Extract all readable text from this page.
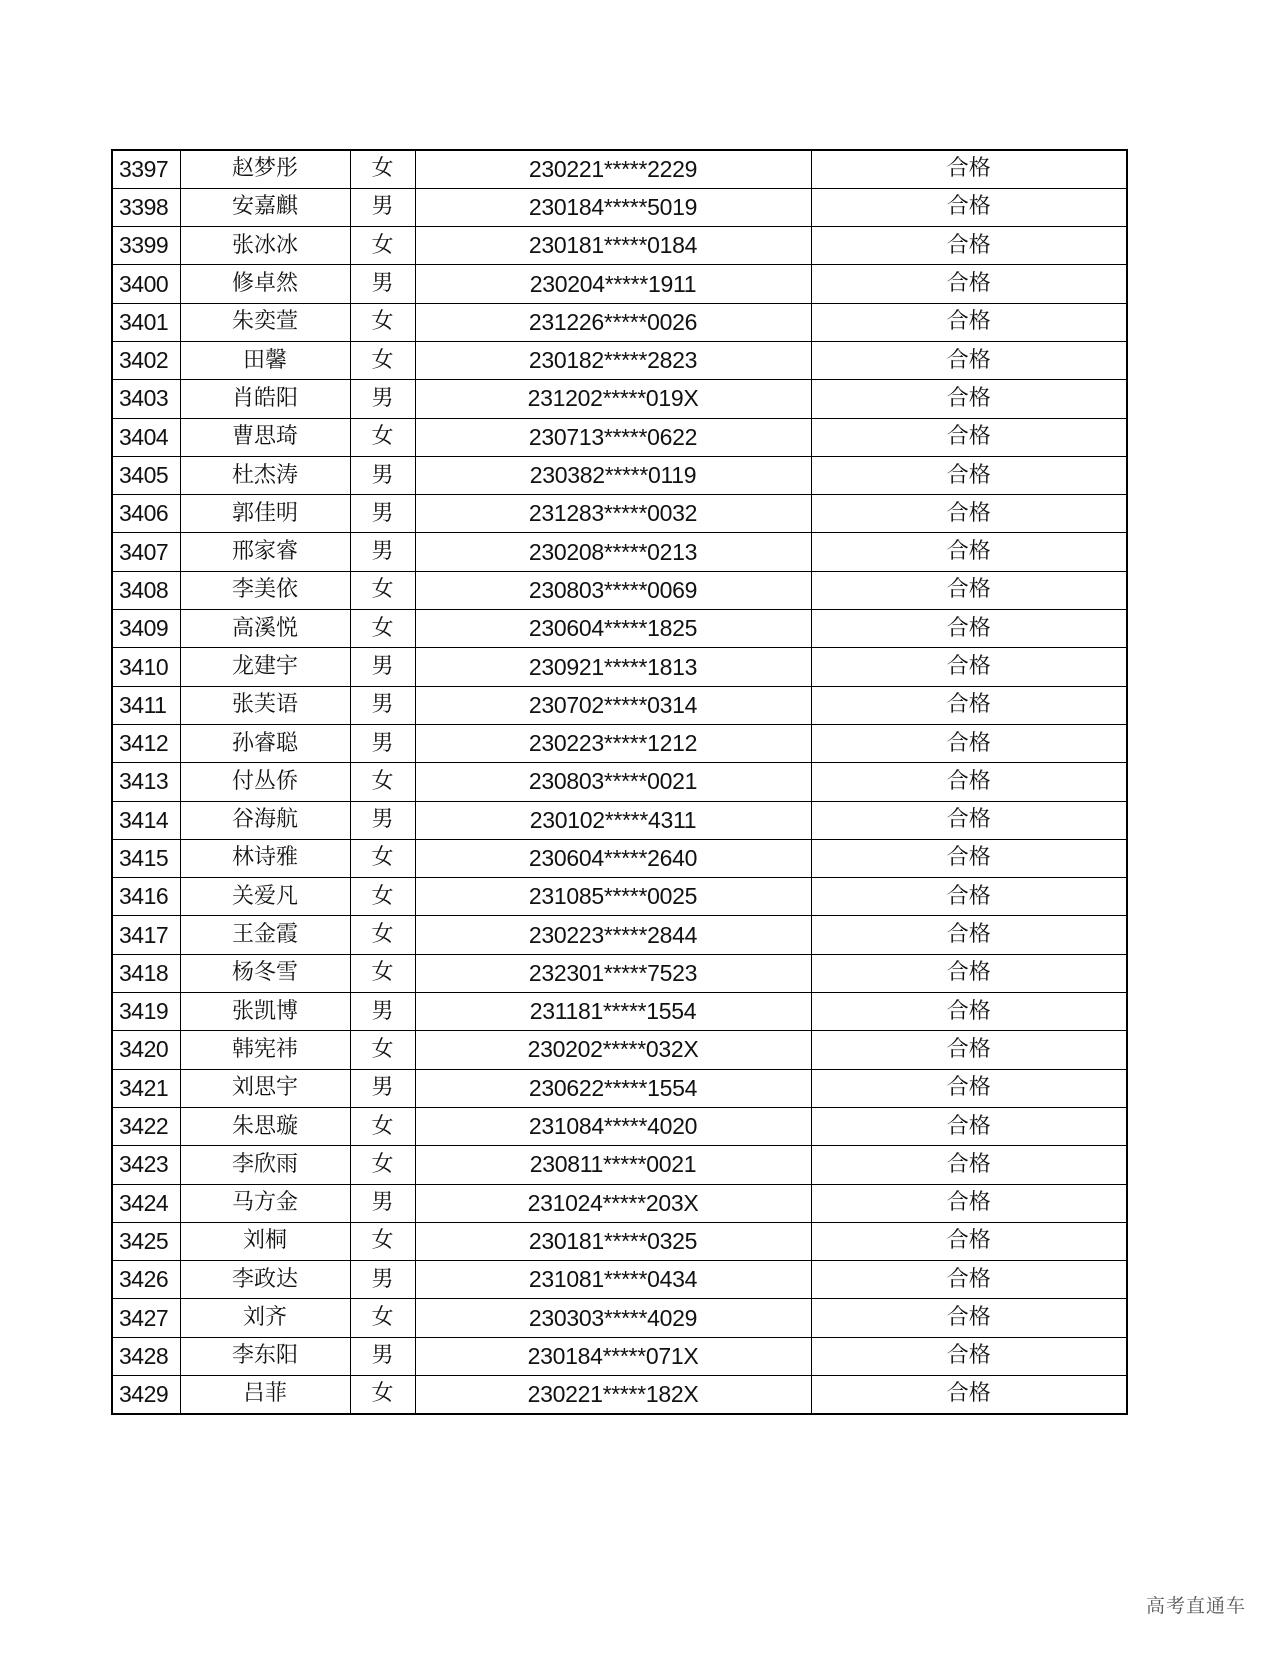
3397	赵梦彤	女	230221*****2229	合格
3398	安嘉麒	男	230184*****5019	合格
3399	张冰冰	女	230181*****0184	合格
3400	修卓然	男	230204*****1911	合格
3401	朱奕萱	女	231226*****0026	合格
3402	田馨	女	230182*****2823	合格
3403	肖皓阳	男	231202*****019X	合格
3404	曹思琦	女	230713*****0622	合格
3405	杜杰涛	男	230382*****0119	合格
3406	郭佳明	男	231283*****0032	合格
3407	邢家睿	男	230208*****0213	合格
3408	李美依	女	230803*****0069	合格
3409	高溪悦	女	230604*****1825	合格
3410	龙建宇	男	230921*****1813	合格
3411	张芙语	男	230702*****0314	合格
3412	孙睿聪	男	230223*****1212	合格
3413	付丛侨	女	230803*****0021	合格
3414	谷海航	男	230102*****4311	合格
3415	林诗雅	女	230604*****2640	合格
3416	关爱凡	女	231085*****0025	合格
3417	王金霞	女	230223*****2844	合格
3418	杨冬雪	女	232301*****7523	合格
3419	张凯博	男	231181*****1554	合格
3420	韩宪祎	女	230202*****032X	合格
3421	刘思宇	男	230622*****1554	合格
3422	朱思璇	女	231084*****4020	合格
3423	李欣雨	女	230811*****0021	合格
3424	马方金	男	231024*****203X	合格
3425	刘桐	女	230181*****0325	合格
3426	李政达	男	231081*****0434	合格
3427	刘齐	女	230303*****4029	合格
3428	李东阳	男	230184*****071X	合格
3429	吕菲	女	230221*****182X	合格
高考直通车
